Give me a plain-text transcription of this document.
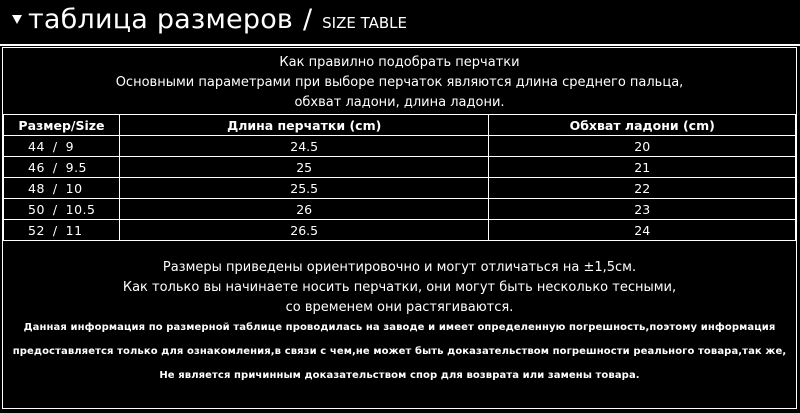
таблица размеров / SIZE TABLE
Как правилно подобрать перчатки
Основными параметрами при выборе перчаток являются длина среднего пальца,
обхват ладони, длина ладони.
Размер/Size	Длина перчатки (cm)	Обхват ладони (cm)
44 / 9	24.5	20
46 / 9.5	25	21
48 / 10	25.5	22
50 / 10.5	26	23
52 / 11	26.5	24
Размеры приведены ориентировочно и могут отличаться на ±1,5см.
Как только вы начинаете носить перчатки, они могут быть несколько тесными,
со временем они растягиваются.
Данная информация по размерной таблице проводилась на заводе и имеет определенную погрешность,поэтому информация
предоставляется только для ознакомления,в связи с чем,не может быть доказательством погрешности реального товара,так же,
Не является причинным доказательством спор для возврата или замены товара.
